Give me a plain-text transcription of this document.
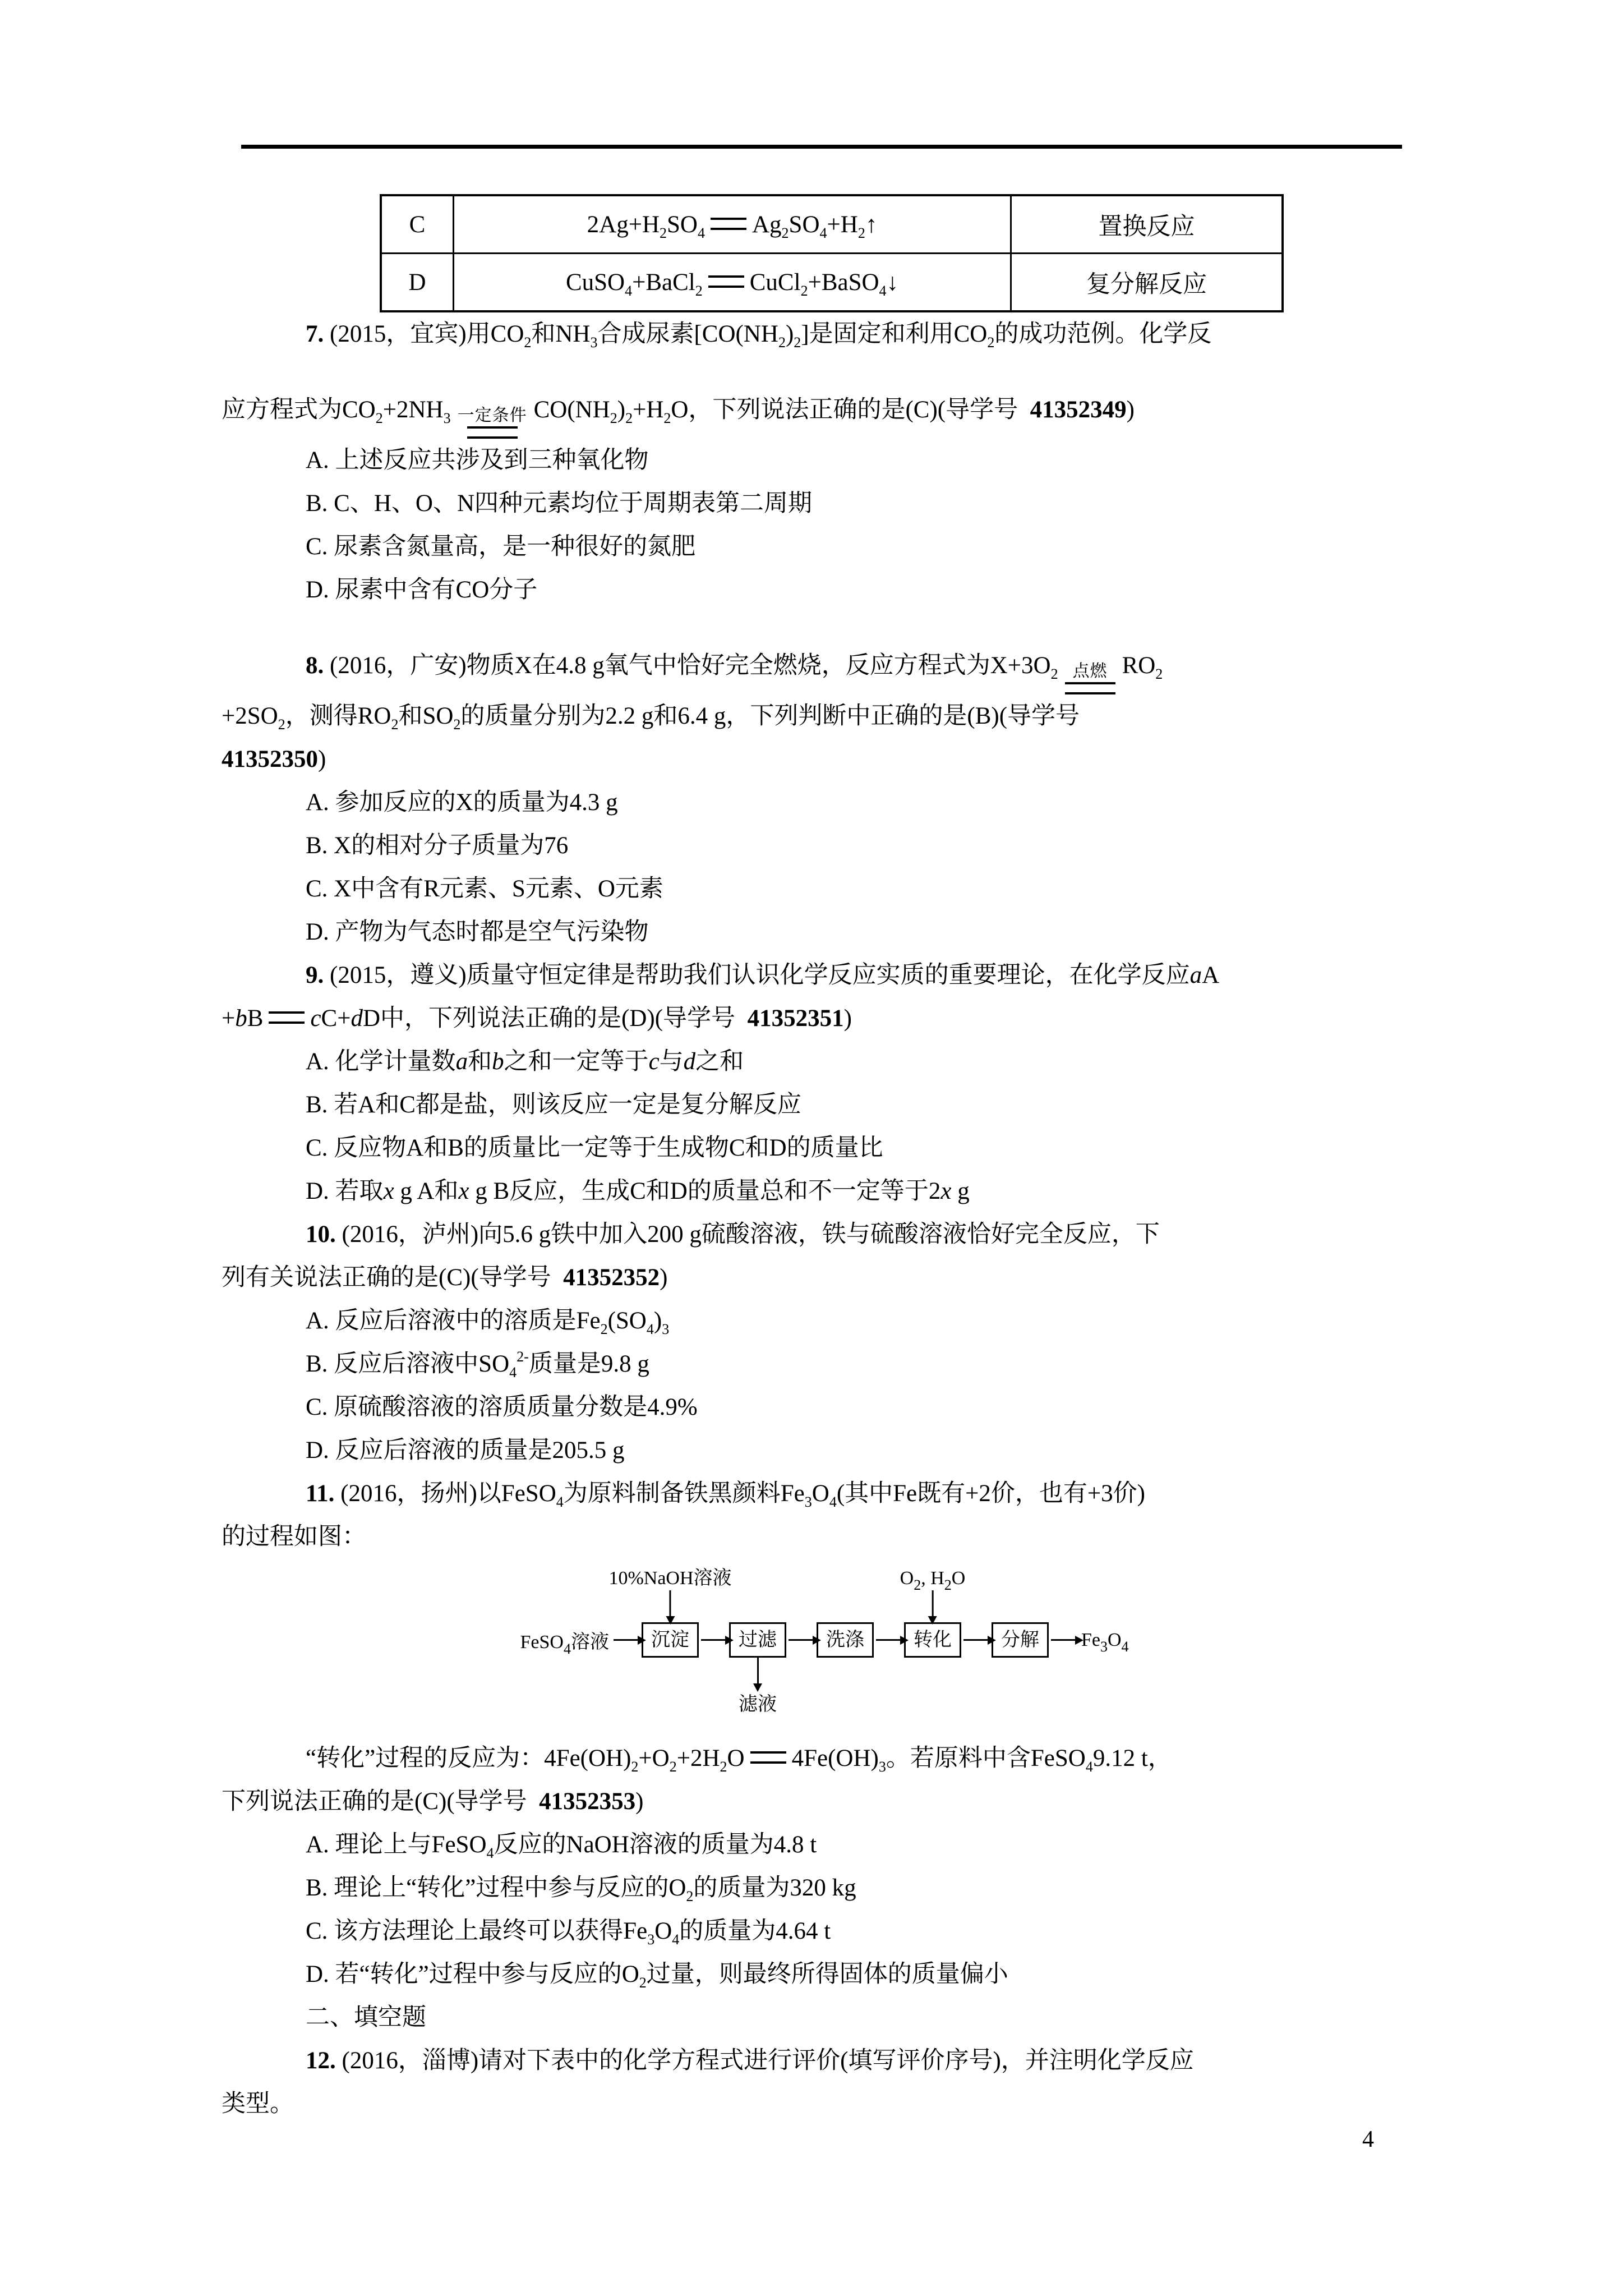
C	$2Ag+H_2SO_4$ $Ag_2SO_4+H_2↑$	置换反应
D	CuSO$_4$+BaCl$_2$ CuCl$_2$+BaSO$_4$↓	复分解反应
7. (2015，宜宾)用$CO_2$和$NH_3$合成尿素$[CO(NH_2)_2]$是固定和利用$CO_2$的成功范例。化学反
应方程式为$CO_2+2NH_3$ 一定条件 $CO(NH_2)_2+H_2O$，下列说法正确的是(C)(导学号  41352349)
A. 上述反应共涉及到三种氧化物
B. C、H、O、N四种元素均位于周期表第二周期
C. 尿素含氮量高，是一种很好的氮肥
D. 尿素中含有CO分子
8. (2016，广安)物质X在4.8 g氧气中恰好完全燃烧，反应方程式为$X+3O_2$ 点燃 $RO_2$
$+2SO_2$，测得$RO_2$和$SO_2$的质量分别为2.2 g和6.4 g，下列判断中正确的是(B)(导学号
41352350)
A. 参加反应的X的质量为4.3 g
B. X的相对分子质量为76
C. X中含有R元素、S元素、O元素
D. 产物为气态时都是空气污染物
9. (2015，遵义)质量守恒定律是帮助我们认识化学反应实质的重要理论，在化学反应aA
+bB cC+dD中，下列说法正确的是(D)(导学号  41352351)
A. 化学计量数a和b之和一定等于c与d之和
B. 若A和C都是盐，则该反应一定是复分解反应
C. 反应物A和B的质量比一定等于生成物C和D的质量比
D. 若取x g A和x g B反应，生成C和D的质量总和不一定等于2x g
10. (2016，泸州)向5.6 g铁中加入200 g硫酸溶液，铁与硫酸溶液恰好完全反应，下
列有关说法正确的是(C)(导学号  41352352)
A. 反应后溶液中的溶质是$Fe_2(SO_4)_3$
B. 反应后溶液中$SO_4^{2-}$质量是9.8 g
C. 原硫酸溶液的溶质质量分数是4.9%
D. 反应后溶液的质量是205.5 g
11. (2016，扬州)以FeSO$_4$为原料制备铁黑颜料$Fe_3O_4$(其中Fe既有+2价，也有+3价)
的过程如图：
FeSO$_4$溶液	沉淀	过滤	洗涤	转化	分解	$Fe_3O_4$
10%NaOH溶液	$O_2$, $H_2O$
滤液
“转化”过程的反应为：$4Fe(OH)_2+O_2+2H_2O$ $4Fe(OH)_3$。若原料中含FeSO$_4$9.12 t，
下列说法正确的是(C)(导学号  41352353)
A. 理论上与FeSO$_4$反应的NaOH溶液的质量为4.8 t
B. 理论上“转化”过程中参与反应的$O_2$的质量为320 kg
C. 该方法理论上最终可以获得$Fe_3O_4$的质量为4.64 t
D. 若“转化”过程中参与反应的$O_2$过量，则最终所得固体的质量偏小
二、填空题
12. (2016，淄博)请对下表中的化学方程式进行评价(填写评价序号)，并注明化学反应
类型。
4
